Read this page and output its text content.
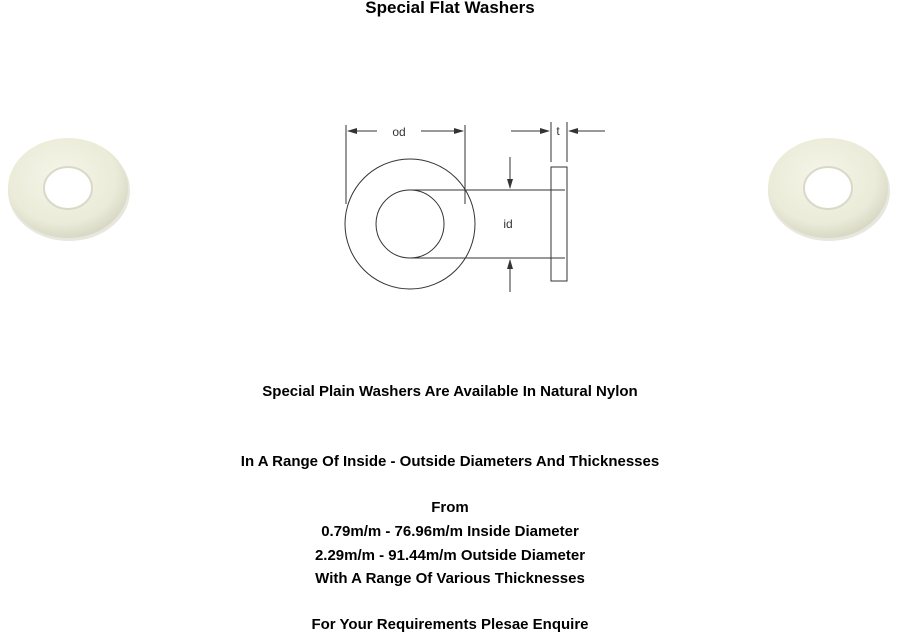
Special Flat Washers
od
id
t
Special Plain Washers Are Available In Natural Nylon
In A Range Of Inside - Outside Diameters And Thicknesses
From
0.79m/m - 76.96m/m Inside Diameter
2.29m/m - 91.44m/m Outside Diameter
With A Range Of Various Thicknesses
For Your Requirements Plesae Enquire
